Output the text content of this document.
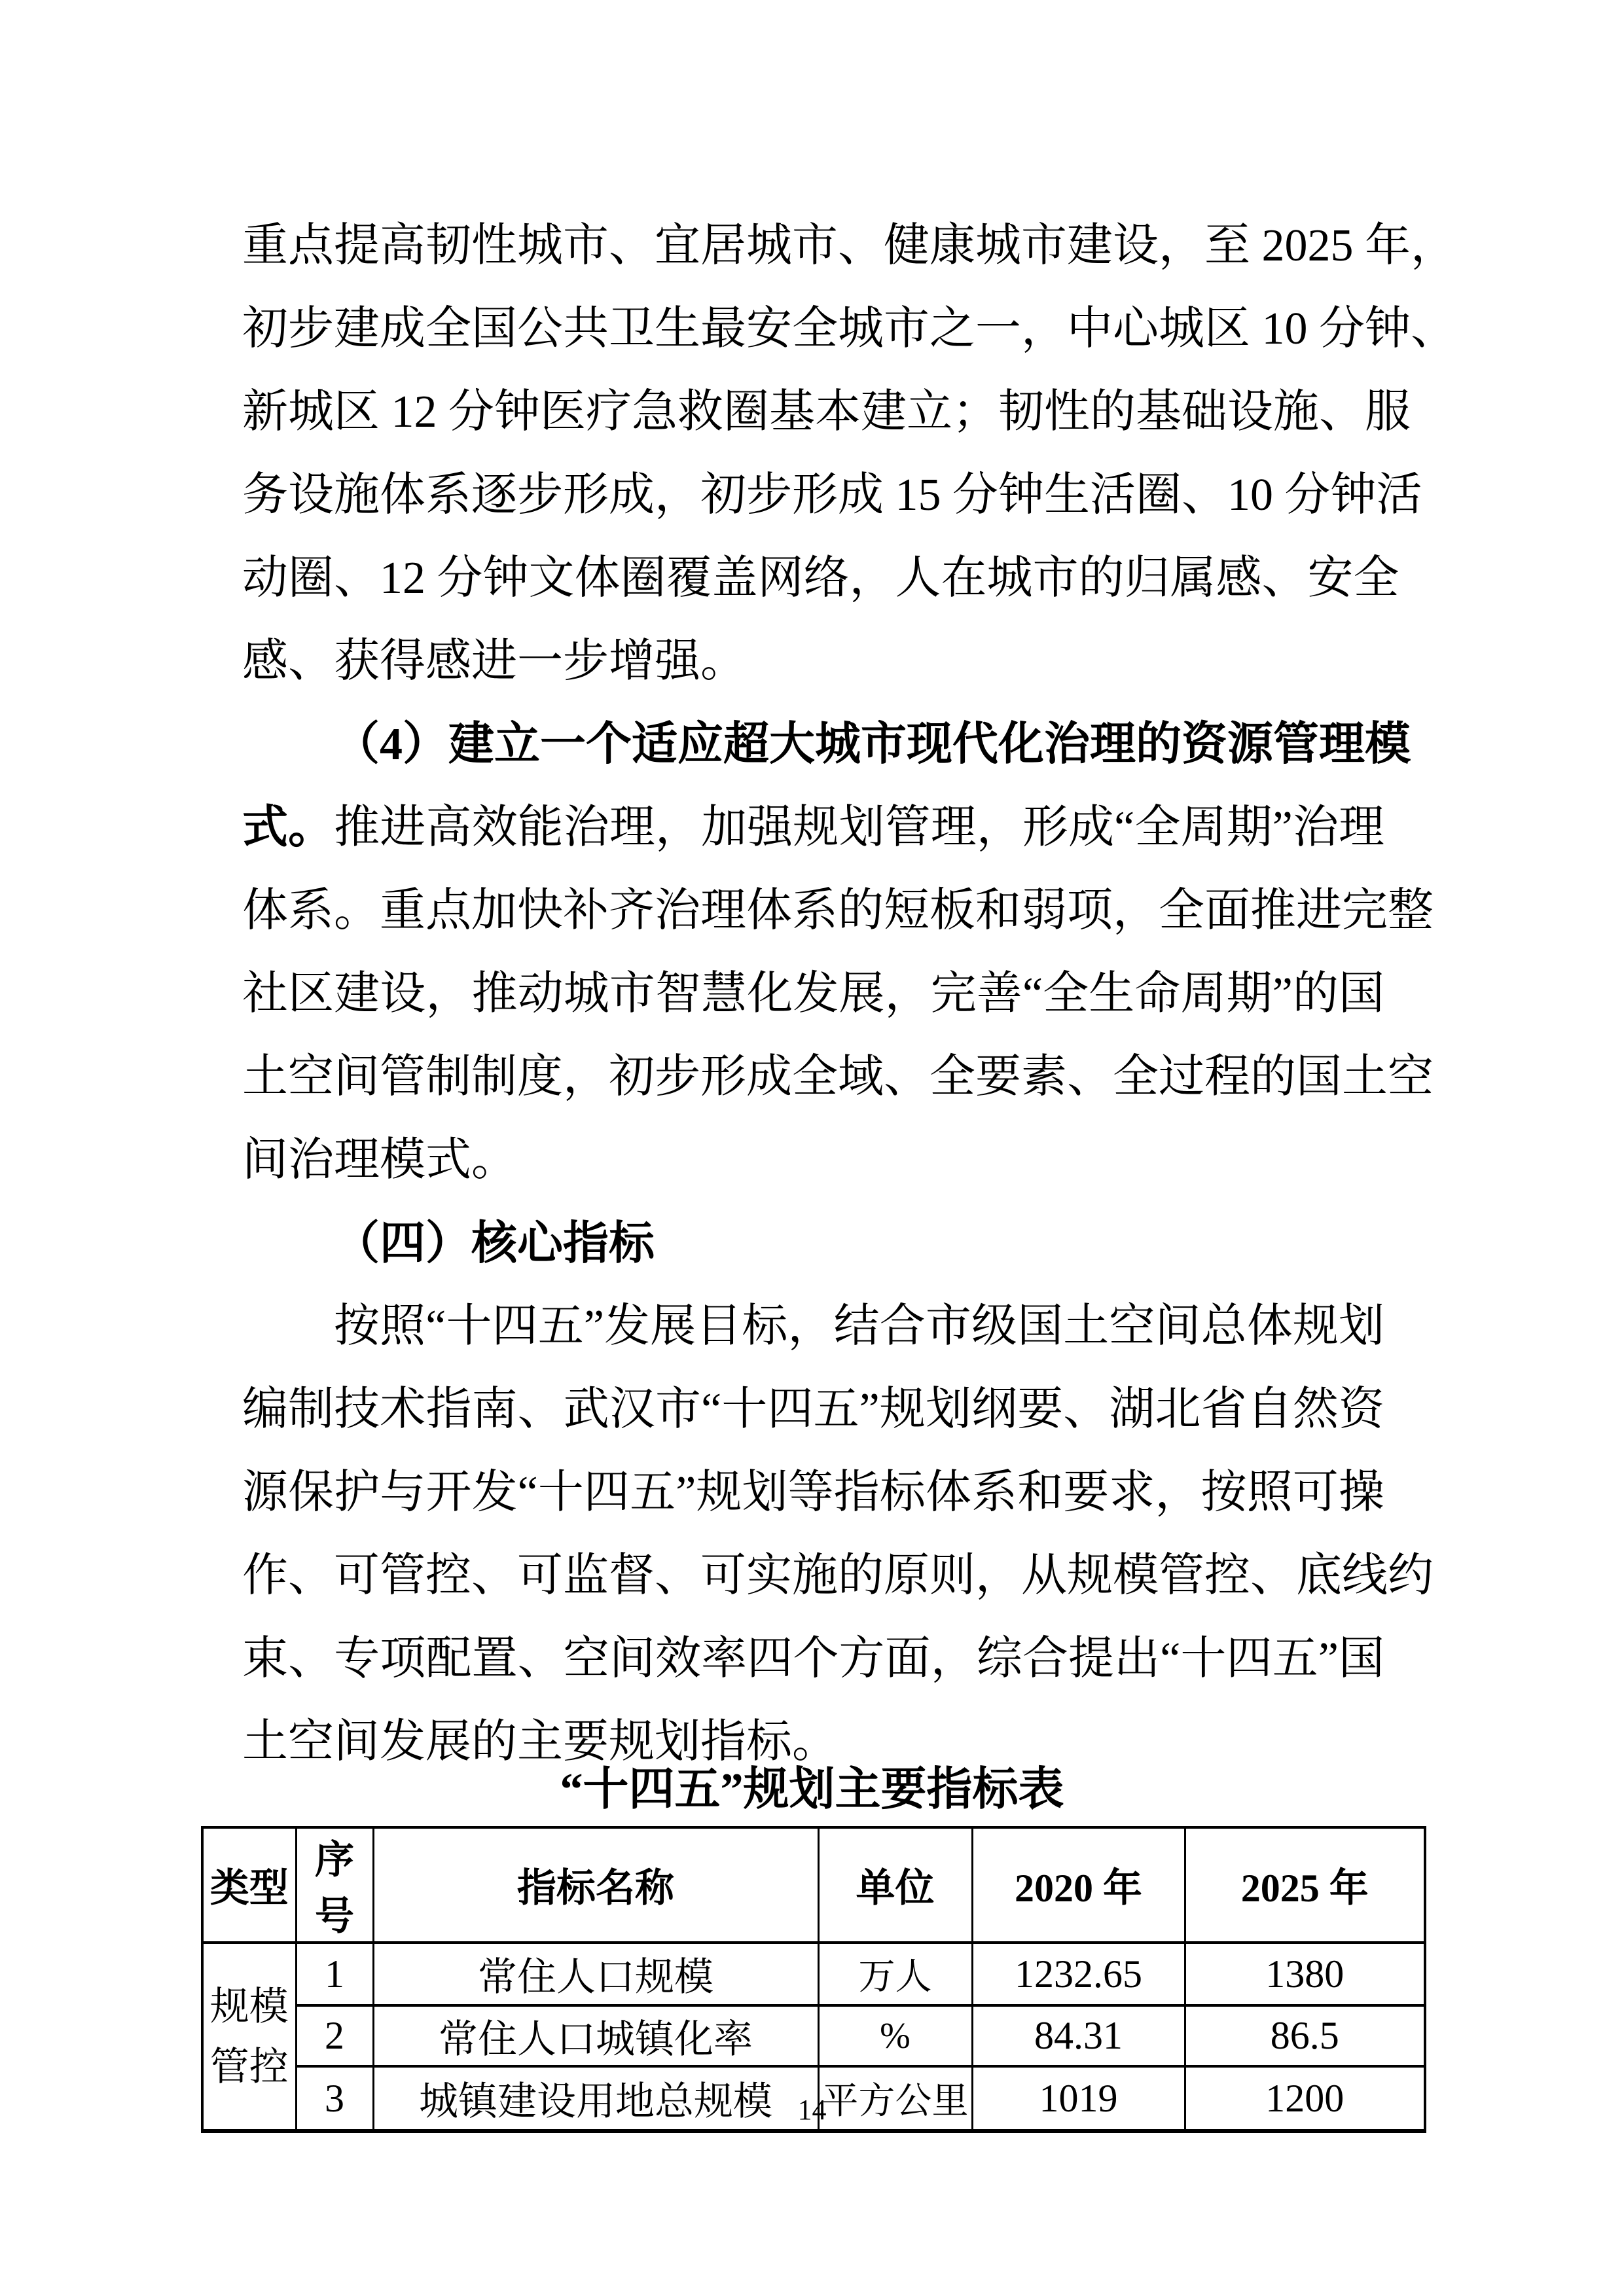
重点提高韧性城市、宜居城市、健康城市建设，至 2025 年，
初步建成全国公共卫生最安全城市之一，中心城区 10 分钟、
新城区 12 分钟医疗急救圈基本建立；韧性的基础设施、服
务设施体系逐步形成，初步形成 15 分钟生活圈、10 分钟活
动圈、12 分钟文体圈覆盖网络，人在城市的归属感、安全
感、获得感进一步增强。
（4）建立一个适应超大城市现代化治理的资源管理模
式。推进高效能治理，加强规划管理，形成“全周期”治理
体系。重点加快补齐治理体系的短板和弱项，全面推进完整
社区建设，推动城市智慧化发展，完善“全生命周期”的国
土空间管制制度，初步形成全域、全要素、全过程的国土空
间治理模式。
（四）核心指标
按照“十四五”发展目标，结合市级国土空间总体规划
编制技术指南、武汉市“十四五”规划纲要、湖北省自然资
源保护与开发“十四五”规划等指标体系和要求，按照可操
作、可管控、可监督、可实施的原则，从规模管控、底线约
束、专项配置、空间效率四个方面，综合提出“十四五”国
土空间发展的主要规划指标。
“十四五”规划主要指标表
类型	序号	指标名称	单位	2020 年	2025 年

规模
管控	1	常住人口规模	万人	1232.65	1380
	2	常住人口城镇化率	%	84.31	86.5
	3	城镇建设用地总规模	平方公里	1019	1200
14
